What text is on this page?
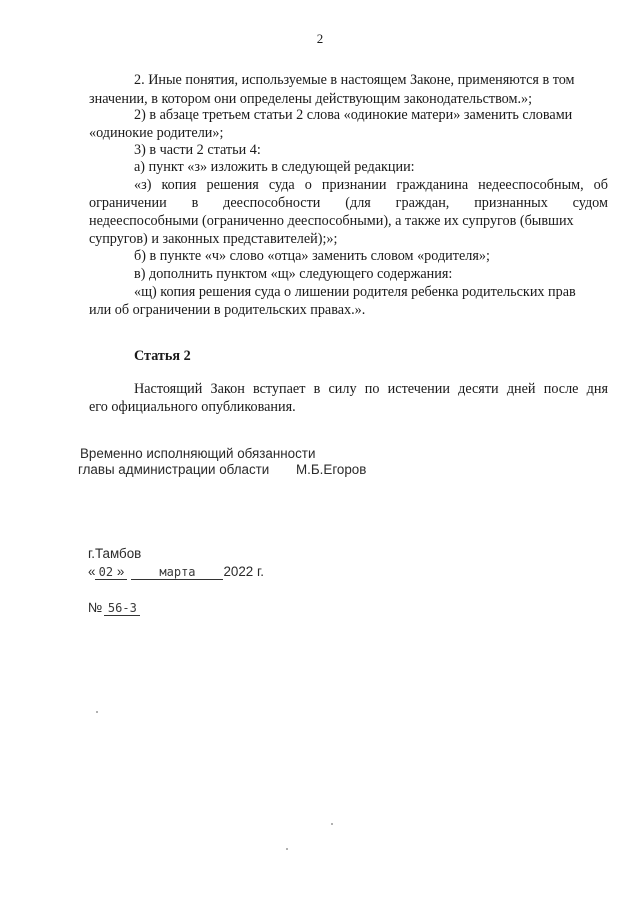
2
2. Иные понятия, используемые в настоящем Законе, применяются в том
значении, в котором они определены действующим законодательством.»;
2) в абзаце третьем статьи 2 слова «одинокие матери» заменить словами
«одинокие родители»;
3) в части 2 статьи 4:
а) пункт «з» изложить в следующей редакции:
«з) копия решения суда о признании гражданина недееспособным, об
ограничении в дееспособности (для граждан, признанных судом
недееспособными (ограниченно дееспособными), а также их супругов (бывших
супругов) и законных представителей);»;
б) в пункте «ч» слово «отца» заменить словом «родителя»;
в) дополнить пунктом «щ» следующего содержания:
«щ) копия решения суда о лишении родителя ребенка родительских прав
или об ограничении в родительских правах.».
Статья 2
Настоящий Закон вступает в силу по истечении десяти дней после дня
его официального опубликования.
Временно исполняющий обязанности
главы администрации области М.Б.Егоров
г.Тамбов
« 02 »	марта 2022 г.
№ 56-З
